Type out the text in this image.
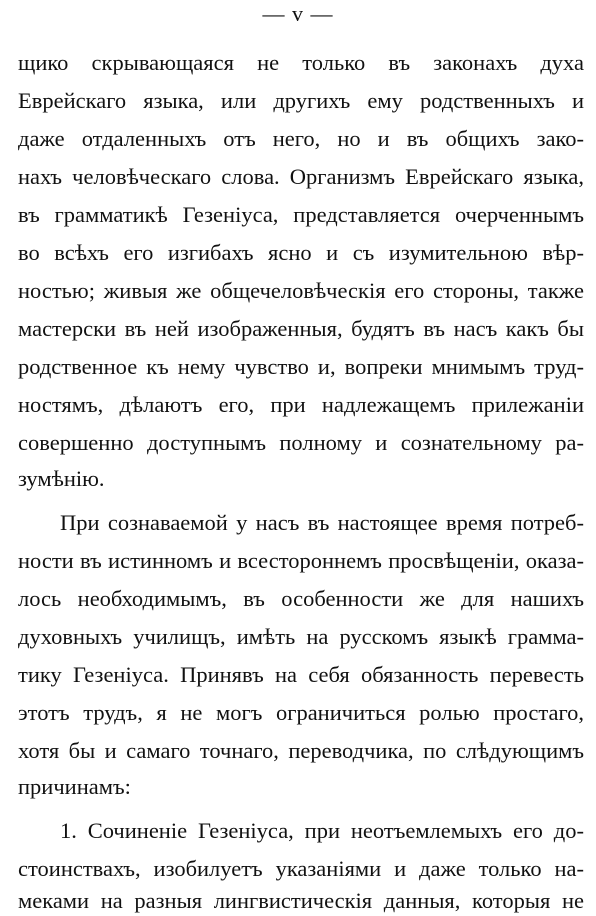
— v —
щико скрывающаяся не только въ законахъ духа
Еврейскаго языка, или другихъ ему родственныхъ и
даже отдаленныхъ отъ него, но и въ общихъ зако-
нахъ человѣческаго слова. Организмъ Еврейскаго языка,
въ грамматикѣ Гезеніуса, представляется очерченнымъ
во всѣхъ его изгибахъ ясно и съ изумительною вѣр-
ностью; живыя же общечеловѣческія его стороны, также
мастерски въ ней изображенныя, будятъ въ насъ какъ бы
родственное къ нему чувство и, вопреки мнимымъ труд-
ностямъ, дѣлаютъ его, при надлежащемъ прилежаніи
совершенно доступнымъ полному и сознательному ра-
зумѣнію.
При сознаваемой у насъ въ настоящее время потреб-
ности въ истинномъ и всестороннемъ просвѣщеніи, оказа-
лось необходимымъ, въ особенности же для нашихъ
духовныхъ училищъ, имѣть на русскомъ языкѣ грамма-
тику Гезеніуса. Принявъ на себя обязанность перевесть
этотъ трудъ, я не могъ ограничиться ролью простаго,
хотя бы и самаго точнаго, переводчика, по слѣдующимъ
причинамъ:
1. Сочиненіе Гезеніуса, при неотъемлемыхъ его до-
стоинствахъ, изобилуетъ указаніями и даже только на-
меками на разныя лингвистическія данныя, которыя не
